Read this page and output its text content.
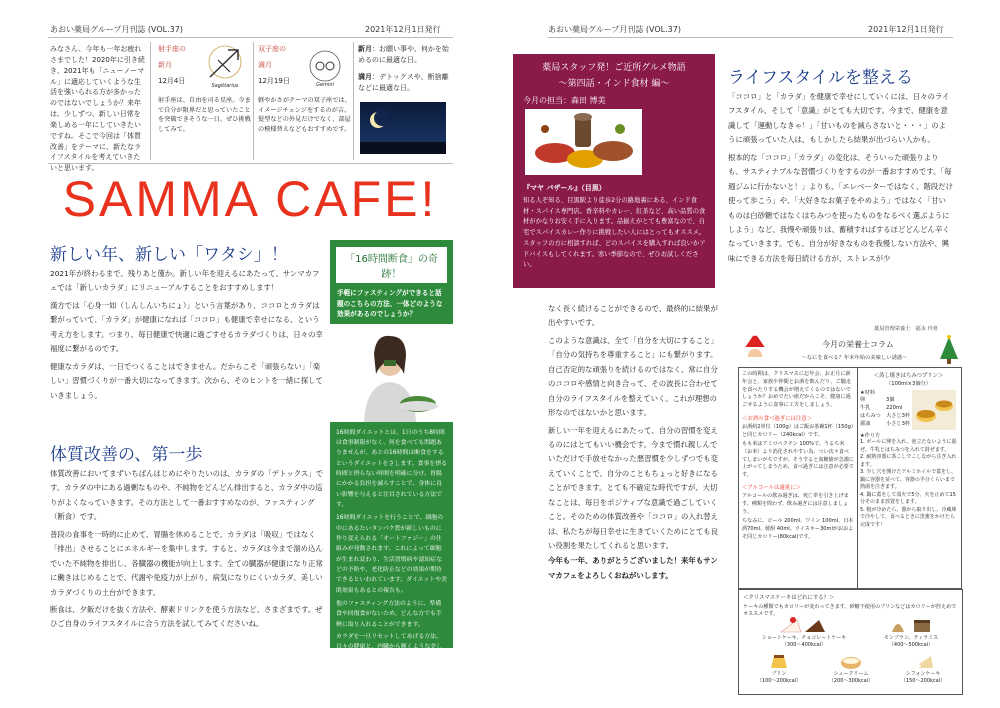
あおい薬局グループ月刊誌 (VOL.37)	2021年12月1日発行
みなさん、今年も一年お疲れさまでした！2020年に引き続き、2021年も「ニューノーマル」に適応していくような生活を強いられる方が多かったのではないでしょうか？来年は、少しずつ、新しい日常を楽しめる一年にしていきたいですね。そこで今回は「体質改善」をテーマに、新たなライフスタイルを考えていきたいと思います。
射手座の
新月
12月4日
射手座は、自由を司る星座。今まで自分が限界だと思っていたことを突破できそうな一日。ぜひ挑戦してみて。
Sagittarius
双子座の
満月
12月19日
軽やかさがテーマの双子座では、イメージチェンジをするのが吉。髪型などの外見だけでなく、部屋の模様替えなどもおすすめです。
Gemini
新月：お願い事や、何かを始めるのに最適な日。
満月：デトックスや、断捨離などに最適な日。
SAMMA CAFE!
新しい年、新しい「ワタシ」！
2021年が終わるまで、残りあと僅か。新しい年を迎えるにあたって、サンマカフェでは「新しいカラダ」にリニューアルすることをおすすめします！
漢方では「心身一如（しんしんいちにょ）」という言葉があり、ココロとカラダは繋がっていて、「カラダ」が健康になれば「ココロ」も健康で幸せになる、という考え方をします。つまり、毎日健康で快適に過ごすせるカラダづくりは、日々の幸福度に繋がるのです。
健康なカラダは、一日でつくることはできません。だからこそ「頑張らない」「楽しい」習慣づくりが一番大切になってきます。次から、そのヒントを一緒に探していきましょう。
体質改善の、第一歩
体質改善においてまずいちばんはじめにやりたいのは、カラダの「デトックス」です。カラダの中にある過剰なものや、不純物をどんどん排出すると、カラダ中の巡りがよくなっていきます。その方法として一番おすすめなのが、ファスティング（断食）です。
普段の食事を一時的に止めて、胃腸を休めることで、カラダは「吸収」ではなく「排出」させることにエネルギーを集中します。すると、カラダは今まで溜め込んでいた不純物を排出し、各臓器の機能が向上します。全ての臓器が健康になり正常に働きはじめることで、代謝や免疫力が上がり、病気になりにくいカラダ、美しいカラダづくりの土台ができます。
断食は、夕飯だけを抜く方法や、酵素ドリンクを使う方法など、さまざまです。ぜひご自身のライフスタイルに合う方法を試してみてくださいね。
「16時間断食」の奇跡！
手軽にファスティングができると話題のこちらの方法、一体どのような効果があるのでしょうか？
16時間ダイエットとは、1日のうち8時間は食事制限がなく、何を食べても問題ありませんが、あとの16時間は断食をするというダイエットをさします。食事を摂る時間と摂らない時間を明確に分け、胃腸にかかる負担を減らすことで、身体に良い影響を与えると注目されている方法です。
16時間ダイエットを行うことで、細胞の中にあるたいタンパク質が新しいものに作り変えられる「オートファジー」の仕組みが発動されます。これによって細胞が生まれ変わり、生活習慣病や認知症などの予防や、老化防止などの効果が期待できるといわれています。ダイエットや美肌効果もあるとの報告も。
他のファスティング方法のように、準備食や回復食がないため、どんな方でも手軽に取り入れることができます。
カラダを一旦リセットしてあげる方法、日々の健康と、内臓から輝くような美しさを手に入れたい方は、ぜひお試しください！
あおい薬局グループ月刊誌 (VOL.37)	2021年12月1日発行
薬局スタッフ発！ご近所グルメ物語
〜第四話・インド食材 編〜
今月の担当：森田 博美
『マヤ バザール』（目黒）
知る人ぞ知る、目黒駅より徒歩2分の路地裏にある、インド食材・スパイス専門店。香辛料やカレー、紅茶など、高い品質の食材がかなりお安く手に入ります。品揃えがとても豊富なので、自宅でスパイスカレー作りに挑戦したい人にはとってもオススメ。スタッフの方に相談すれば、どのスパイスを購入すれば良いかアドバイスもしてくれます。寒い季節なので、ぜひお試しください。
ライフスタイルを整える
「ココロ」と「カラダ」を健康で幸せにしていくには、日々のライフスタイル、そして「意識」がとても大切です。今まで、健康を意識して「運動しなきゃ！」「甘いものを減らさないと・・・」のように頑張っていた人は、もしかしたら結果が出づらい人かも。
根本的な「ココロ」「カラダ」の変化は、そういった頑張りよりも、サスティナブルな習慣づくりをするのが一番おすすめです。「毎週ジムに行かないと！」よりも、「エレベーターではなく、階段だけ使って歩こう」や、「大好きなお菓子をやめよう」ではなく「甘いものは白砂糖ではなくはちみつを使ったものをなるべく選ぶようにしよう」など、我慢や頑張りは、蓄積すればするほどどんどん辛くなっていきます。でも、自分が好きなものを我慢しない方法や、興味にできる方法を毎日続ける方が、ストレスが少
なく長く続けることができるので、最終的に結果が出やすいです。
このような意識は、全て「自分を大切にすること」「自分の気持ちを尊重すること」にも繋がります。自己否定的な頑張りを続けるのではなく、常に自分のココロや感情と向き合って、その波長に合わせて自分のライフスタイルを整えていく。これが理想の形なのではないかと思います。
新しい一年を迎えるにあたって、自分の習慣を変えるのにはとてもいい機会です。今まで慣れ親しんでいただけで手放せなかった悪習慣を少しずつでも変えていくことで、自分のこともちょっと好きになることができます。とても不確定な時代ですが、大切なことは、毎日をポジティブな意識で過ごしていくこと。そのための体質改善や「ココロ」の入れ替えは、私たちが毎日幸せに生きていくためにとても良い役割を果たしてくれると思います。
今年も一年、ありがとうございました！来年もサンマカフェをよろしくおねがいします。
薬局管理栄養士　福永 玲喜
今月の栄養士コラム
〜なにを食べる？年末年始の美味しい誘惑〜
この時期は、クリスマスに忘年会、お正月に新年会と、家族や仲間とお酒を飲んだり、ご馳走を食べたりする機会が増えてくるのではないでしょうか？おめでたい席だからこそ、健康に過ごせるように食事に工夫をしましょう。
＜お酒の食べ過ぎには注意＞
お酒約2単位（100g）はご飯お茶碗1杯（150g）と同じカロリー（240kcal）です。
もも米はアミロペクチン 100%で、うるち米（お米）より消化されやすい為、つい次々食べてしまいがちですが、そうすると血糖値が急激に上がってしまうため、食べ過ぎには注意が必要です。
＜アルコールは適量に＞
アルコールの飲み過ぎは、死亡率を引き上げます。種類を問わず、飲み過ぎには注意しましょう。
ちなみに、ビール 200ml、ワイン 100ml、日本酒70ml、焼酎 40ml、ウイスキー30mlがおおよそ同じカロリー(80kcal)です。
＜蒸し焼きはちみつプリン＞
（100ml×3個分）
★材料
卵	3個
牛乳	220ml
はちみつ	大さじ3杯
醤油	小さじ3杯
★作り方
1. ボールに卵を入れ、泡立たないように混ぜ、牛乳とはちみつを入れて混ぜます。
2. 耐熱容器に茶こしでこしながら注ぎ入れます。
3. 少し穴を開けたアルミホイルで蓋をし、鍋に容器を並べて、容器の半分くらいまで熱湯を注ぎます。
4. 鍋に蓋をして弱火で5分、火を止めて15分そのまま放置をします。
5. 粗が冷めたら、器から取り出し、冷蔵庫で冷やして、食べるときに黒蜜をかけたら完成です！
＜クリスマスケーキはどれにする？＞
ケーキの種類でもカロリーが変わってきます。砂糖不使用のプリンなどはカロリーが控えめでオススメです。
ショートケーキ、チョコレートケーキ
（300〜400kcal）
モンブラン、ティラミス
（400〜500kcal）
プリン
（100〜200kcal）
シュークリーム
（200〜300kcal）
シフォンケーキ
（150〜200kcal）
